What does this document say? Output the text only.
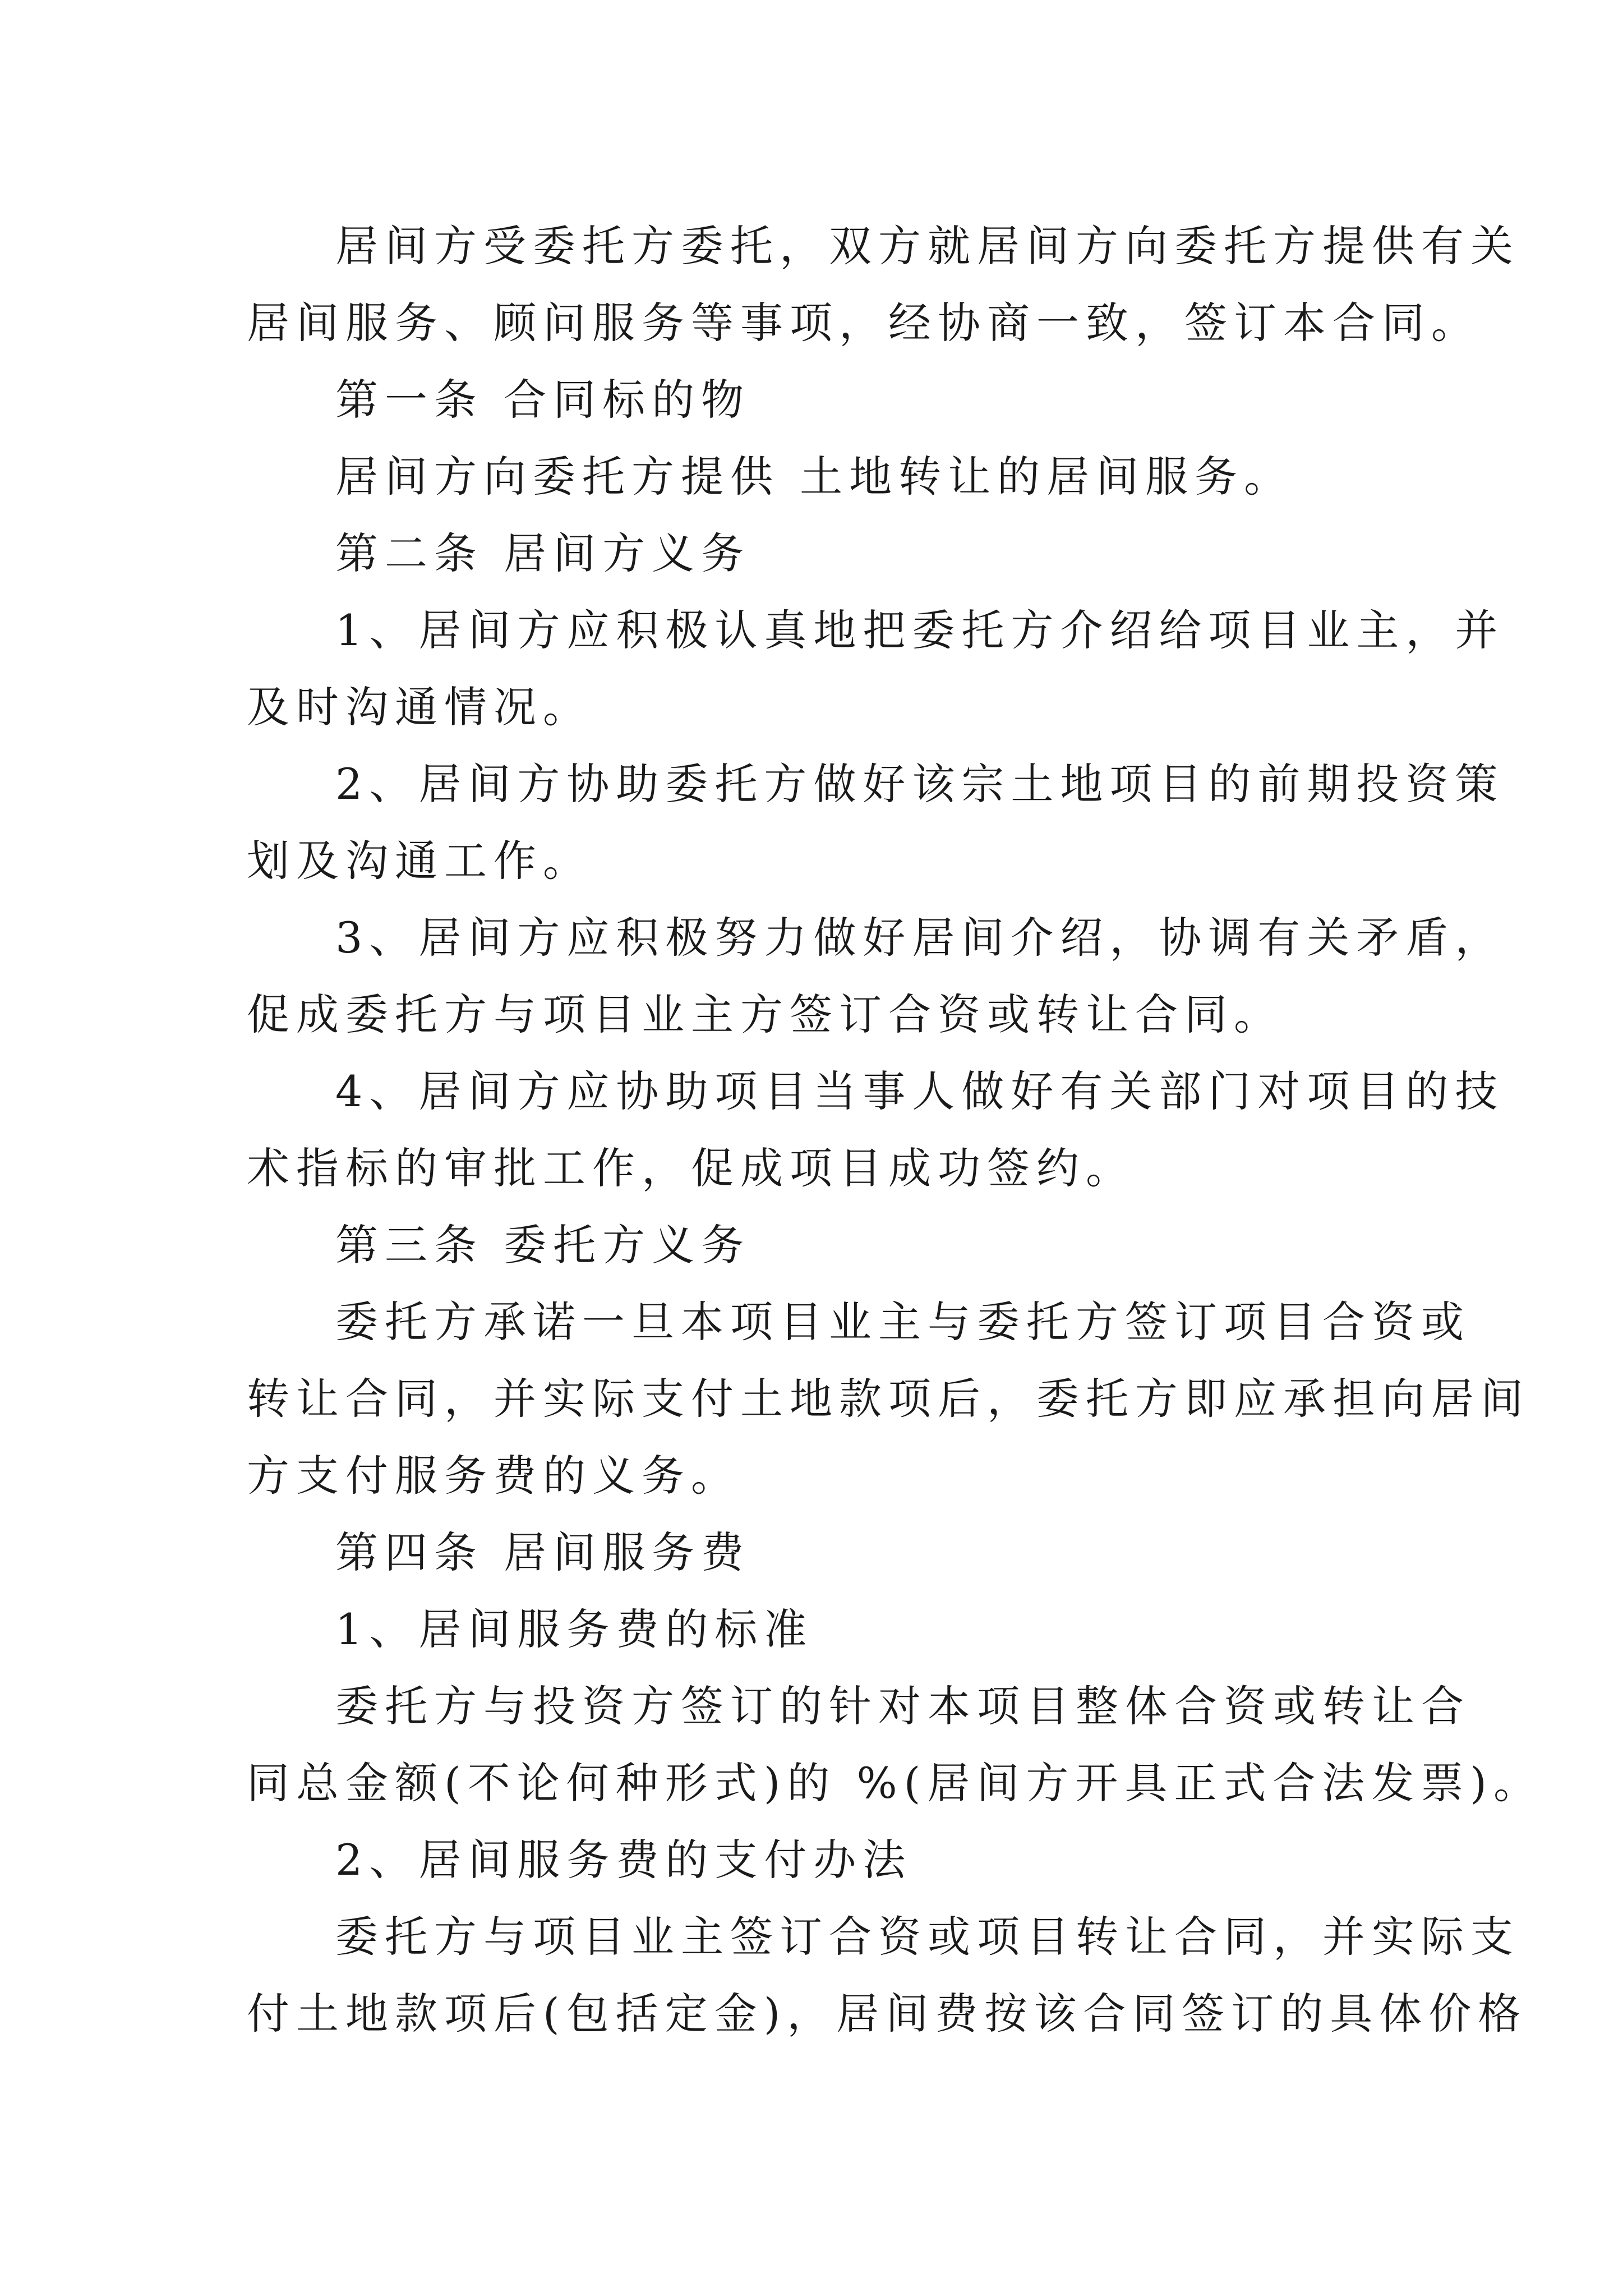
居间方受委托方委托，双方就居间方向委托方提供有关
居间服务、顾问服务等事项，经协商一致，签订本合同。
第一条 合同标的物
居间方向委托方提供 土地转让的居间服务。
第二条 居间方义务
1、居间方应积极认真地把委托方介绍给项目业主，并
及时沟通情况。
2、居间方协助委托方做好该宗土地项目的前期投资策
划及沟通工作。
3、居间方应积极努力做好居间介绍，协调有关矛盾，
促成委托方与项目业主方签订合资或转让合同。
4、居间方应协助项目当事人做好有关部门对项目的技
术指标的审批工作，促成项目成功签约。
第三条 委托方义务
委托方承诺一旦本项目业主与委托方签订项目合资或
转让合同，并实际支付土地款项后，委托方即应承担向居间
方支付服务费的义务。
第四条 居间服务费
1、居间服务费的标准
委托方与投资方签订的针对本项目整体合资或转让合
同总金额(不论何种形式)的 %(居间方开具正式合法发票)。
2、居间服务费的支付办法
委托方与项目业主签订合资或项目转让合同，并实际支
付土地款项后(包括定金)，居间费按该合同签订的具体价格
